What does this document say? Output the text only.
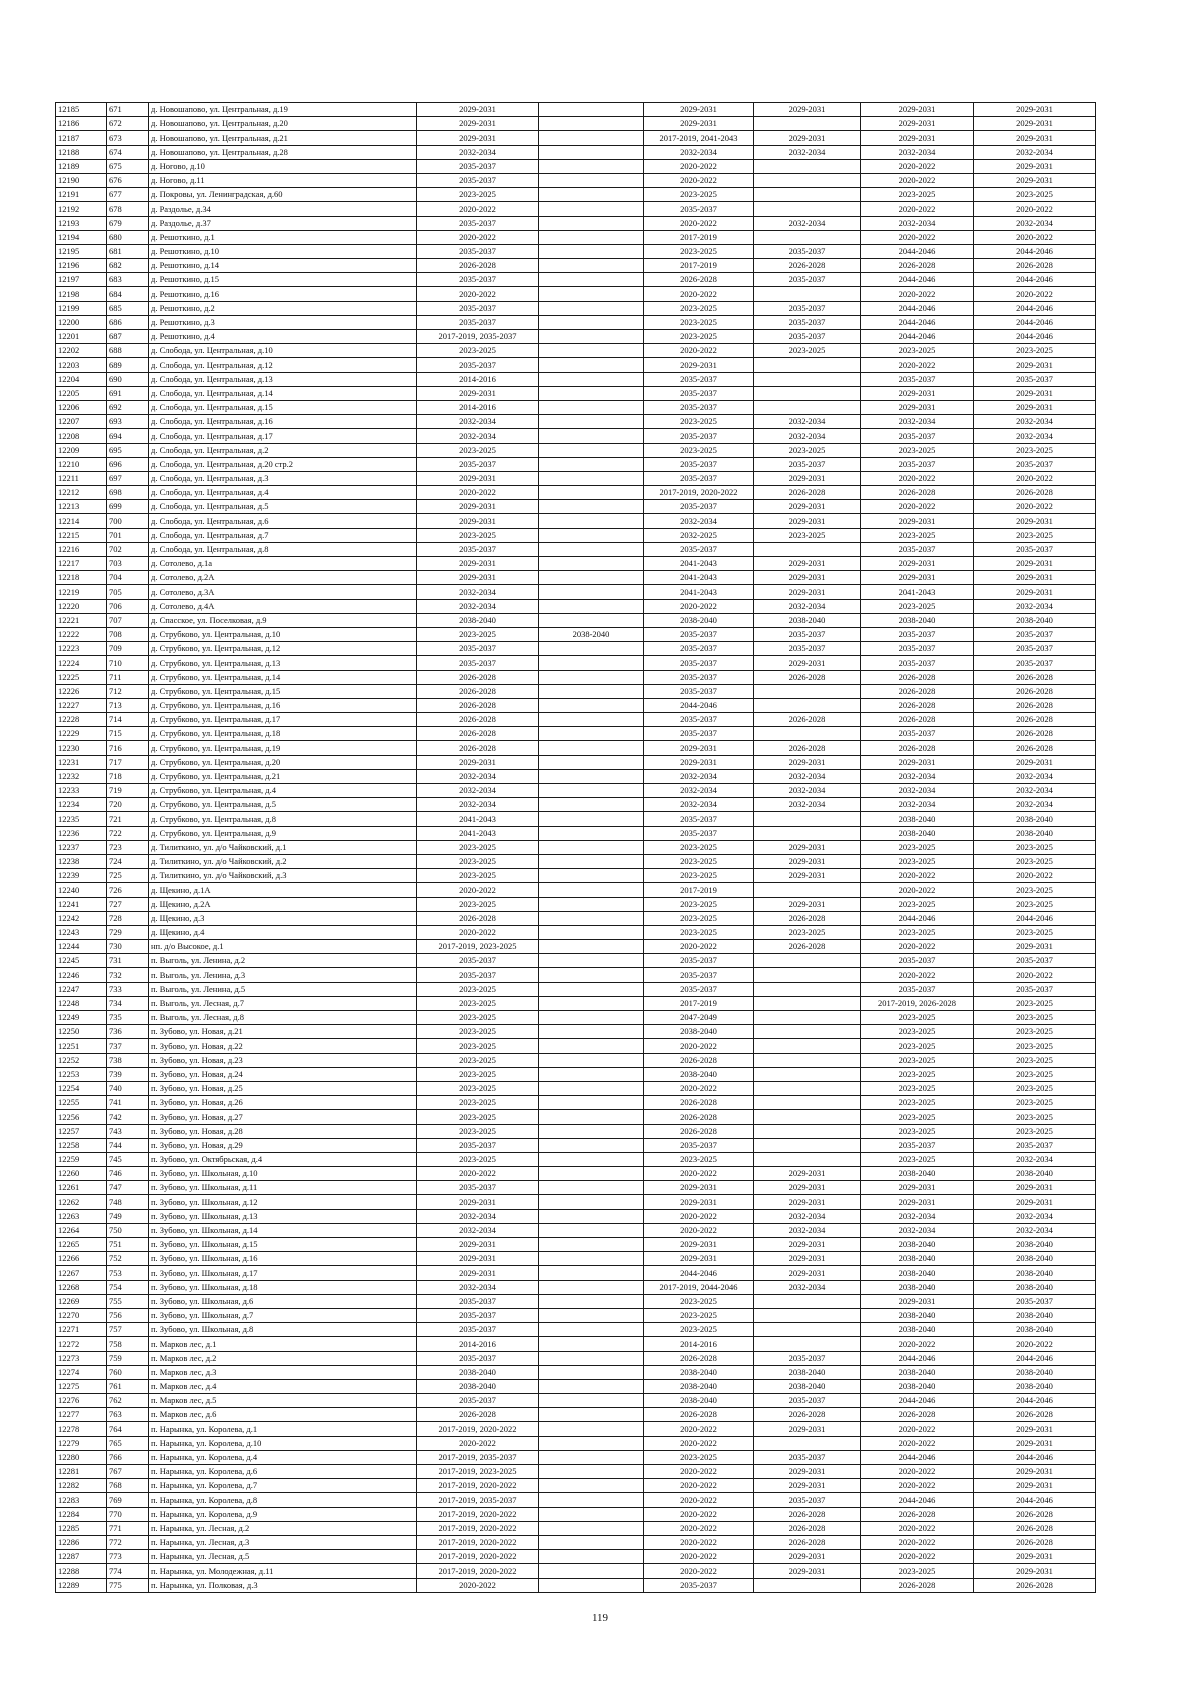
12185	671	д. Новошапово, ул. Центральная, д.19	2029-2031		2029-2031	2029-2031	2029-2031	2029-2031
12186	672	д. Новошапово, ул. Центральная, д.20	2029-2031		2029-2031		2029-2031	2029-2031
12187	673	д. Новошапово, ул. Центральная, д.21	2029-2031		2017-2019, 2041-2043	2029-2031	2029-2031	2029-2031
12188	674	д. Новошапово, ул. Центральная, д.28	2032-2034		2032-2034	2032-2034	2032-2034	2032-2034
12189	675	д. Ногово, д.10	2035-2037		2020-2022		2020-2022	2029-2031
12190	676	д. Ногово, д.11	2035-2037		2020-2022		2020-2022	2029-2031
12191	677	д. Покровы, ул. Ленинградская, д.60	2023-2025		2023-2025		2023-2025	2023-2025
12192	678	д. Раздолье, д.34	2020-2022		2035-2037		2020-2022	2020-2022
12193	679	д. Раздолье, д.37	2035-2037		2020-2022	2032-2034	2032-2034	2032-2034
12194	680	д. Решоткино, д.1	2020-2022		2017-2019		2020-2022	2020-2022
12195	681	д. Решоткино, д.10	2035-2037		2023-2025	2035-2037	2044-2046	2044-2046
12196	682	д. Решоткино, д.14	2026-2028		2017-2019	2026-2028	2026-2028	2026-2028
12197	683	д. Решоткино, д.15	2035-2037		2026-2028	2035-2037	2044-2046	2044-2046
12198	684	д. Решоткино, д.16	2020-2022		2020-2022		2020-2022	2020-2022
12199	685	д. Решоткино, д.2	2035-2037		2023-2025	2035-2037	2044-2046	2044-2046
12200	686	д. Решоткино, д.3	2035-2037		2023-2025	2035-2037	2044-2046	2044-2046
12201	687	д. Решоткино, д.4	2017-2019, 2035-2037		2023-2025	2035-2037	2044-2046	2044-2046
12202	688	д. Слобода, ул. Центральная, д.10	2023-2025		2020-2022	2023-2025	2023-2025	2023-2025
12203	689	д. Слобода, ул. Центральная, д.12	2035-2037		2029-2031		2020-2022	2029-2031
12204	690	д. Слобода, ул. Центральная, д.13	2014-2016		2035-2037		2035-2037	2035-2037
12205	691	д. Слобода, ул. Центральная, д.14	2029-2031		2035-2037		2029-2031	2029-2031
12206	692	д. Слобода, ул. Центральная, д.15	2014-2016		2035-2037		2029-2031	2029-2031
12207	693	д. Слобода, ул. Центральная, д.16	2032-2034		2023-2025	2032-2034	2032-2034	2032-2034
12208	694	д. Слобода, ул. Центральная, д.17	2032-2034		2035-2037	2032-2034	2035-2037	2032-2034
12209	695	д. Слобода, ул. Центральная, д.2	2023-2025		2023-2025	2023-2025	2023-2025	2023-2025
12210	696	д. Слобода, ул. Центральная, д.20 стр.2	2035-2037		2035-2037	2035-2037	2035-2037	2035-2037
12211	697	д. Слобода, ул. Центральная, д.3	2029-2031		2035-2037	2029-2031	2020-2022	2020-2022
12212	698	д. Слобода, ул. Центральная, д.4	2020-2022		2017-2019, 2020-2022	2026-2028	2026-2028	2026-2028
12213	699	д. Слобода, ул. Центральная, д.5	2029-2031		2035-2037	2029-2031	2020-2022	2020-2022
12214	700	д. Слобода, ул. Центральная, д.6	2029-2031		2032-2034	2029-2031	2029-2031	2029-2031
12215	701	д. Слобода, ул. Центральная, д.7	2023-2025		2032-2025	2023-2025	2023-2025	2023-2025
12216	702	д. Слобода, ул. Центральная, д.8	2035-2037		2035-2037		2035-2037	2035-2037
12217	703	д. Сотолево, д.1а	2029-2031		2041-2043	2029-2031	2029-2031	2029-2031
12218	704	д. Сотолево, д.2А	2029-2031		2041-2043	2029-2031	2029-2031	2029-2031
12219	705	д. Сотолево, д.3А	2032-2034		2041-2043	2029-2031	2041-2043	2029-2031
12220	706	д. Сотолево, д.4А	2032-2034		2020-2022	2032-2034	2023-2025	2032-2034
12221	707	д. Спасское, ул. Поселковая, д.9	2038-2040		2038-2040	2038-2040	2038-2040	2038-2040
12222	708	д. Струбково, ул. Центральная, д.10	2023-2025	2038-2040	2035-2037	2035-2037	2035-2037	2035-2037
12223	709	д. Струбково, ул. Центральная, д.12	2035-2037		2035-2037	2035-2037	2035-2037	2035-2037
12224	710	д. Струбково, ул. Центральная, д.13	2035-2037		2035-2037	2029-2031	2035-2037	2035-2037
12225	711	д. Струбково, ул. Центральная, д.14	2026-2028		2035-2037	2026-2028	2026-2028	2026-2028
12226	712	д. Струбково, ул. Центральная, д.15	2026-2028		2035-2037		2026-2028	2026-2028
12227	713	д. Струбково, ул. Центральная, д.16	2026-2028		2044-2046		2026-2028	2026-2028
12228	714	д. Струбково, ул. Центральная, д.17	2026-2028		2035-2037	2026-2028	2026-2028	2026-2028
12229	715	д. Струбково, ул. Центральная, д.18	2026-2028		2035-2037		2035-2037	2026-2028
12230	716	д. Струбково, ул. Центральная, д.19	2026-2028		2029-2031	2026-2028	2026-2028	2026-2028
12231	717	д. Струбково, ул. Центральная, д.20	2029-2031		2029-2031	2029-2031	2029-2031	2029-2031
12232	718	д. Струбково, ул. Центральная, д.21	2032-2034		2032-2034	2032-2034	2032-2034	2032-2034
12233	719	д. Струбково, ул. Центральная, д.4	2032-2034		2032-2034	2032-2034	2032-2034	2032-2034
12234	720	д. Струбково, ул. Центральная, д.5	2032-2034		2032-2034	2032-2034	2032-2034	2032-2034
12235	721	д. Струбково, ул. Центральная, д.8	2041-2043		2035-2037		2038-2040	2038-2040
12236	722	д. Струбково, ул. Центральная, д.9	2041-2043		2035-2037		2038-2040	2038-2040
12237	723	д. Тилиткино, ул. д/о Чайковский, д.1	2023-2025		2023-2025	2029-2031	2023-2025	2023-2025
12238	724	д. Тилиткино, ул. д/о Чайковский, д.2	2023-2025		2023-2025	2029-2031	2023-2025	2023-2025
12239	725	д. Тилиткино, ул. д/о Чайковский, д.3	2023-2025		2023-2025	2029-2031	2020-2022	2020-2022
12240	726	д. Щекино, д.1А	2020-2022		2017-2019		2020-2022	2023-2025
12241	727	д. Щекино, д.2А	2023-2025		2023-2025	2029-2031	2023-2025	2023-2025
12242	728	д. Щекино, д.3	2026-2028		2023-2025	2026-2028	2044-2046	2044-2046
12243	729	д. Щекино, д.4	2020-2022		2023-2025	2023-2025	2023-2025	2023-2025
12244	730	нп. д/о Высокое, д.1	2017-2019, 2023-2025		2020-2022	2026-2028	2020-2022	2029-2031
12245	731	п. Выголь, ул. Ленина, д.2	2035-2037		2035-2037		2035-2037	2035-2037
12246	732	п. Выголь, ул. Ленина, д.3	2035-2037		2035-2037		2020-2022	2020-2022
12247	733	п. Выголь, ул. Ленина, д.5	2023-2025		2035-2037		2035-2037	2035-2037
12248	734	п. Выголь, ул. Лесная, д.7	2023-2025		2017-2019		2017-2019, 2026-2028	2023-2025
12249	735	п. Выголь, ул. Лесная, д.8	2023-2025		2047-2049		2023-2025	2023-2025
12250	736	п. Зубово, ул. Новая, д.21	2023-2025		2038-2040		2023-2025	2023-2025
12251	737	п. Зубово, ул. Новая, д.22	2023-2025		2020-2022		2023-2025	2023-2025
12252	738	п. Зубово, ул. Новая, д.23	2023-2025		2026-2028		2023-2025	2023-2025
12253	739	п. Зубово, ул. Новая, д.24	2023-2025		2038-2040		2023-2025	2023-2025
12254	740	п. Зубово, ул. Новая, д.25	2023-2025		2020-2022		2023-2025	2023-2025
12255	741	п. Зубово, ул. Новая, д.26	2023-2025		2026-2028		2023-2025	2023-2025
12256	742	п. Зубово, ул. Новая, д.27	2023-2025		2026-2028		2023-2025	2023-2025
12257	743	п. Зубово, ул. Новая, д.28	2023-2025		2026-2028		2023-2025	2023-2025
12258	744	п. Зубово, ул. Новая, д.29	2035-2037		2035-2037		2035-2037	2035-2037
12259	745	п. Зубово, ул. Октябрьская, д.4	2023-2025		2023-2025		2023-2025	2032-2034
12260	746	п. Зубово, ул. Школьная, д.10	2020-2022		2020-2022	2029-2031	2038-2040	2038-2040
12261	747	п. Зубово, ул. Школьная, д.11	2035-2037		2029-2031	2029-2031	2029-2031	2029-2031
12262	748	п. Зубово, ул. Школьная, д.12	2029-2031		2029-2031	2029-2031	2029-2031	2029-2031
12263	749	п. Зубово, ул. Школьная, д.13	2032-2034		2020-2022	2032-2034	2032-2034	2032-2034
12264	750	п. Зубово, ул. Школьная, д.14	2032-2034		2020-2022	2032-2034	2032-2034	2032-2034
12265	751	п. Зубово, ул. Школьная, д.15	2029-2031		2029-2031	2029-2031	2038-2040	2038-2040
12266	752	п. Зубово, ул. Школьная, д.16	2029-2031		2029-2031	2029-2031	2038-2040	2038-2040
12267	753	п. Зубово, ул. Школьная, д.17	2029-2031		2044-2046	2029-2031	2038-2040	2038-2040
12268	754	п. Зубово, ул. Школьная, д.18	2032-2034		2017-2019, 2044-2046	2032-2034	2038-2040	2038-2040
12269	755	п. Зубово, ул. Школьная, д.6	2035-2037		2023-2025		2029-2031	2035-2037
12270	756	п. Зубово, ул. Школьная, д.7	2035-2037		2023-2025		2038-2040	2038-2040
12271	757	п. Зубово, ул. Школьная, д.8	2035-2037		2023-2025		2038-2040	2038-2040
12272	758	п. Марков лес, д.1	2014-2016		2014-2016		2020-2022	2020-2022
12273	759	п. Марков лес, д.2	2035-2037		2026-2028	2035-2037	2044-2046	2044-2046
12274	760	п. Марков лес, д.3	2038-2040		2038-2040	2038-2040	2038-2040	2038-2040
12275	761	п. Марков лес, д.4	2038-2040		2038-2040	2038-2040	2038-2040	2038-2040
12276	762	п. Марков лес, д.5	2035-2037		2038-2040	2035-2037	2044-2046	2044-2046
12277	763	п. Марков лес, д.6	2026-2028		2026-2028	2026-2028	2026-2028	2026-2028
12278	764	п. Нарынка, ул. Королева, д.1	2017-2019, 2020-2022		2020-2022	2029-2031	2020-2022	2029-2031
12279	765	п. Нарынка, ул. Королева, д.10	2020-2022		2020-2022		2020-2022	2029-2031
12280	766	п. Нарынка, ул. Королева, д.4	2017-2019, 2035-2037		2023-2025	2035-2037	2044-2046	2044-2046
12281	767	п. Нарынка, ул. Королева, д.6	2017-2019, 2023-2025		2020-2022	2029-2031	2020-2022	2029-2031
12282	768	п. Нарынка, ул. Королева, д.7	2017-2019, 2020-2022		2020-2022	2029-2031	2020-2022	2029-2031
12283	769	п. Нарынка, ул. Королева, д.8	2017-2019, 2035-2037		2020-2022	2035-2037	2044-2046	2044-2046
12284	770	п. Нарынка, ул. Королева, д.9	2017-2019, 2020-2022		2020-2022	2026-2028	2026-2028	2026-2028
12285	771	п. Нарынка, ул. Лесная, д.2	2017-2019, 2020-2022		2020-2022	2026-2028	2020-2022	2026-2028
12286	772	п. Нарынка, ул. Лесная, д.3	2017-2019, 2020-2022		2020-2022	2026-2028	2020-2022	2026-2028
12287	773	п. Нарынка, ул. Лесная, д.5	2017-2019, 2020-2022		2020-2022	2029-2031	2020-2022	2029-2031
12288	774	п. Нарынка, ул. Молодежная, д.11	2017-2019, 2020-2022		2020-2022	2029-2031	2023-2025	2029-2031
12289	775	п. Нарынка, ул. Полковая, д.3	2020-2022		2035-2037		2026-2028	2026-2028
119
